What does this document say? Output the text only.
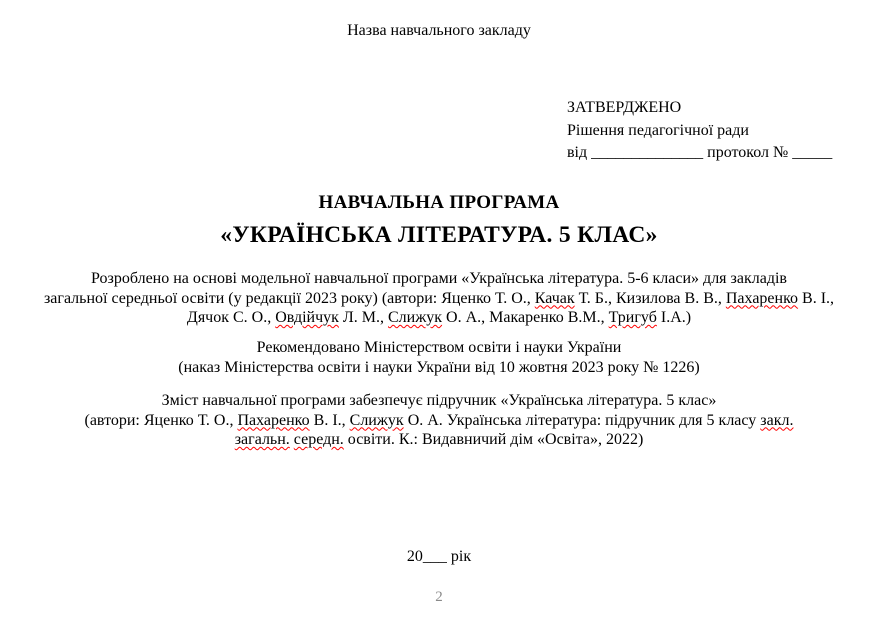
Назва навчального закладу
ЗАТВЕРДЖЕНО
Рішення педагогічної ради
від ______________ протокол № _____
НАВЧАЛЬНА ПРОГРАМА
«УКРАЇНСЬКА ЛІТЕРАТУРА. 5 КЛАС»
Розроблено на основі модельної навчальної програми «Українська література. 5-6 класи» для закладів
загальної середньої освіти (у редакції 2023 року) (автори: Яценко Т. О., Качак Т. Б., Кизилова В. В., Пахаренко В. І.,
Дячок С. О., Овдійчук Л. М., Слижук О. А., Макаренко В.М., Тригуб І.А.)
Рекомендовано Міністерством освіти і науки України
(наказ Міністерства освіти і науки України від 10 жовтня 2023 року № 1226)
Зміст навчальної програми забезпечує підручник «Українська література. 5 клас»
(автори: Яценко Т. О., Пахаренко В. І., Слижук О. А. Українська література: підручник для 5 класу закл.
загальн. середн. освіти. К.: Видавничий дім «Освіта», 2022)
20___ рік
2
